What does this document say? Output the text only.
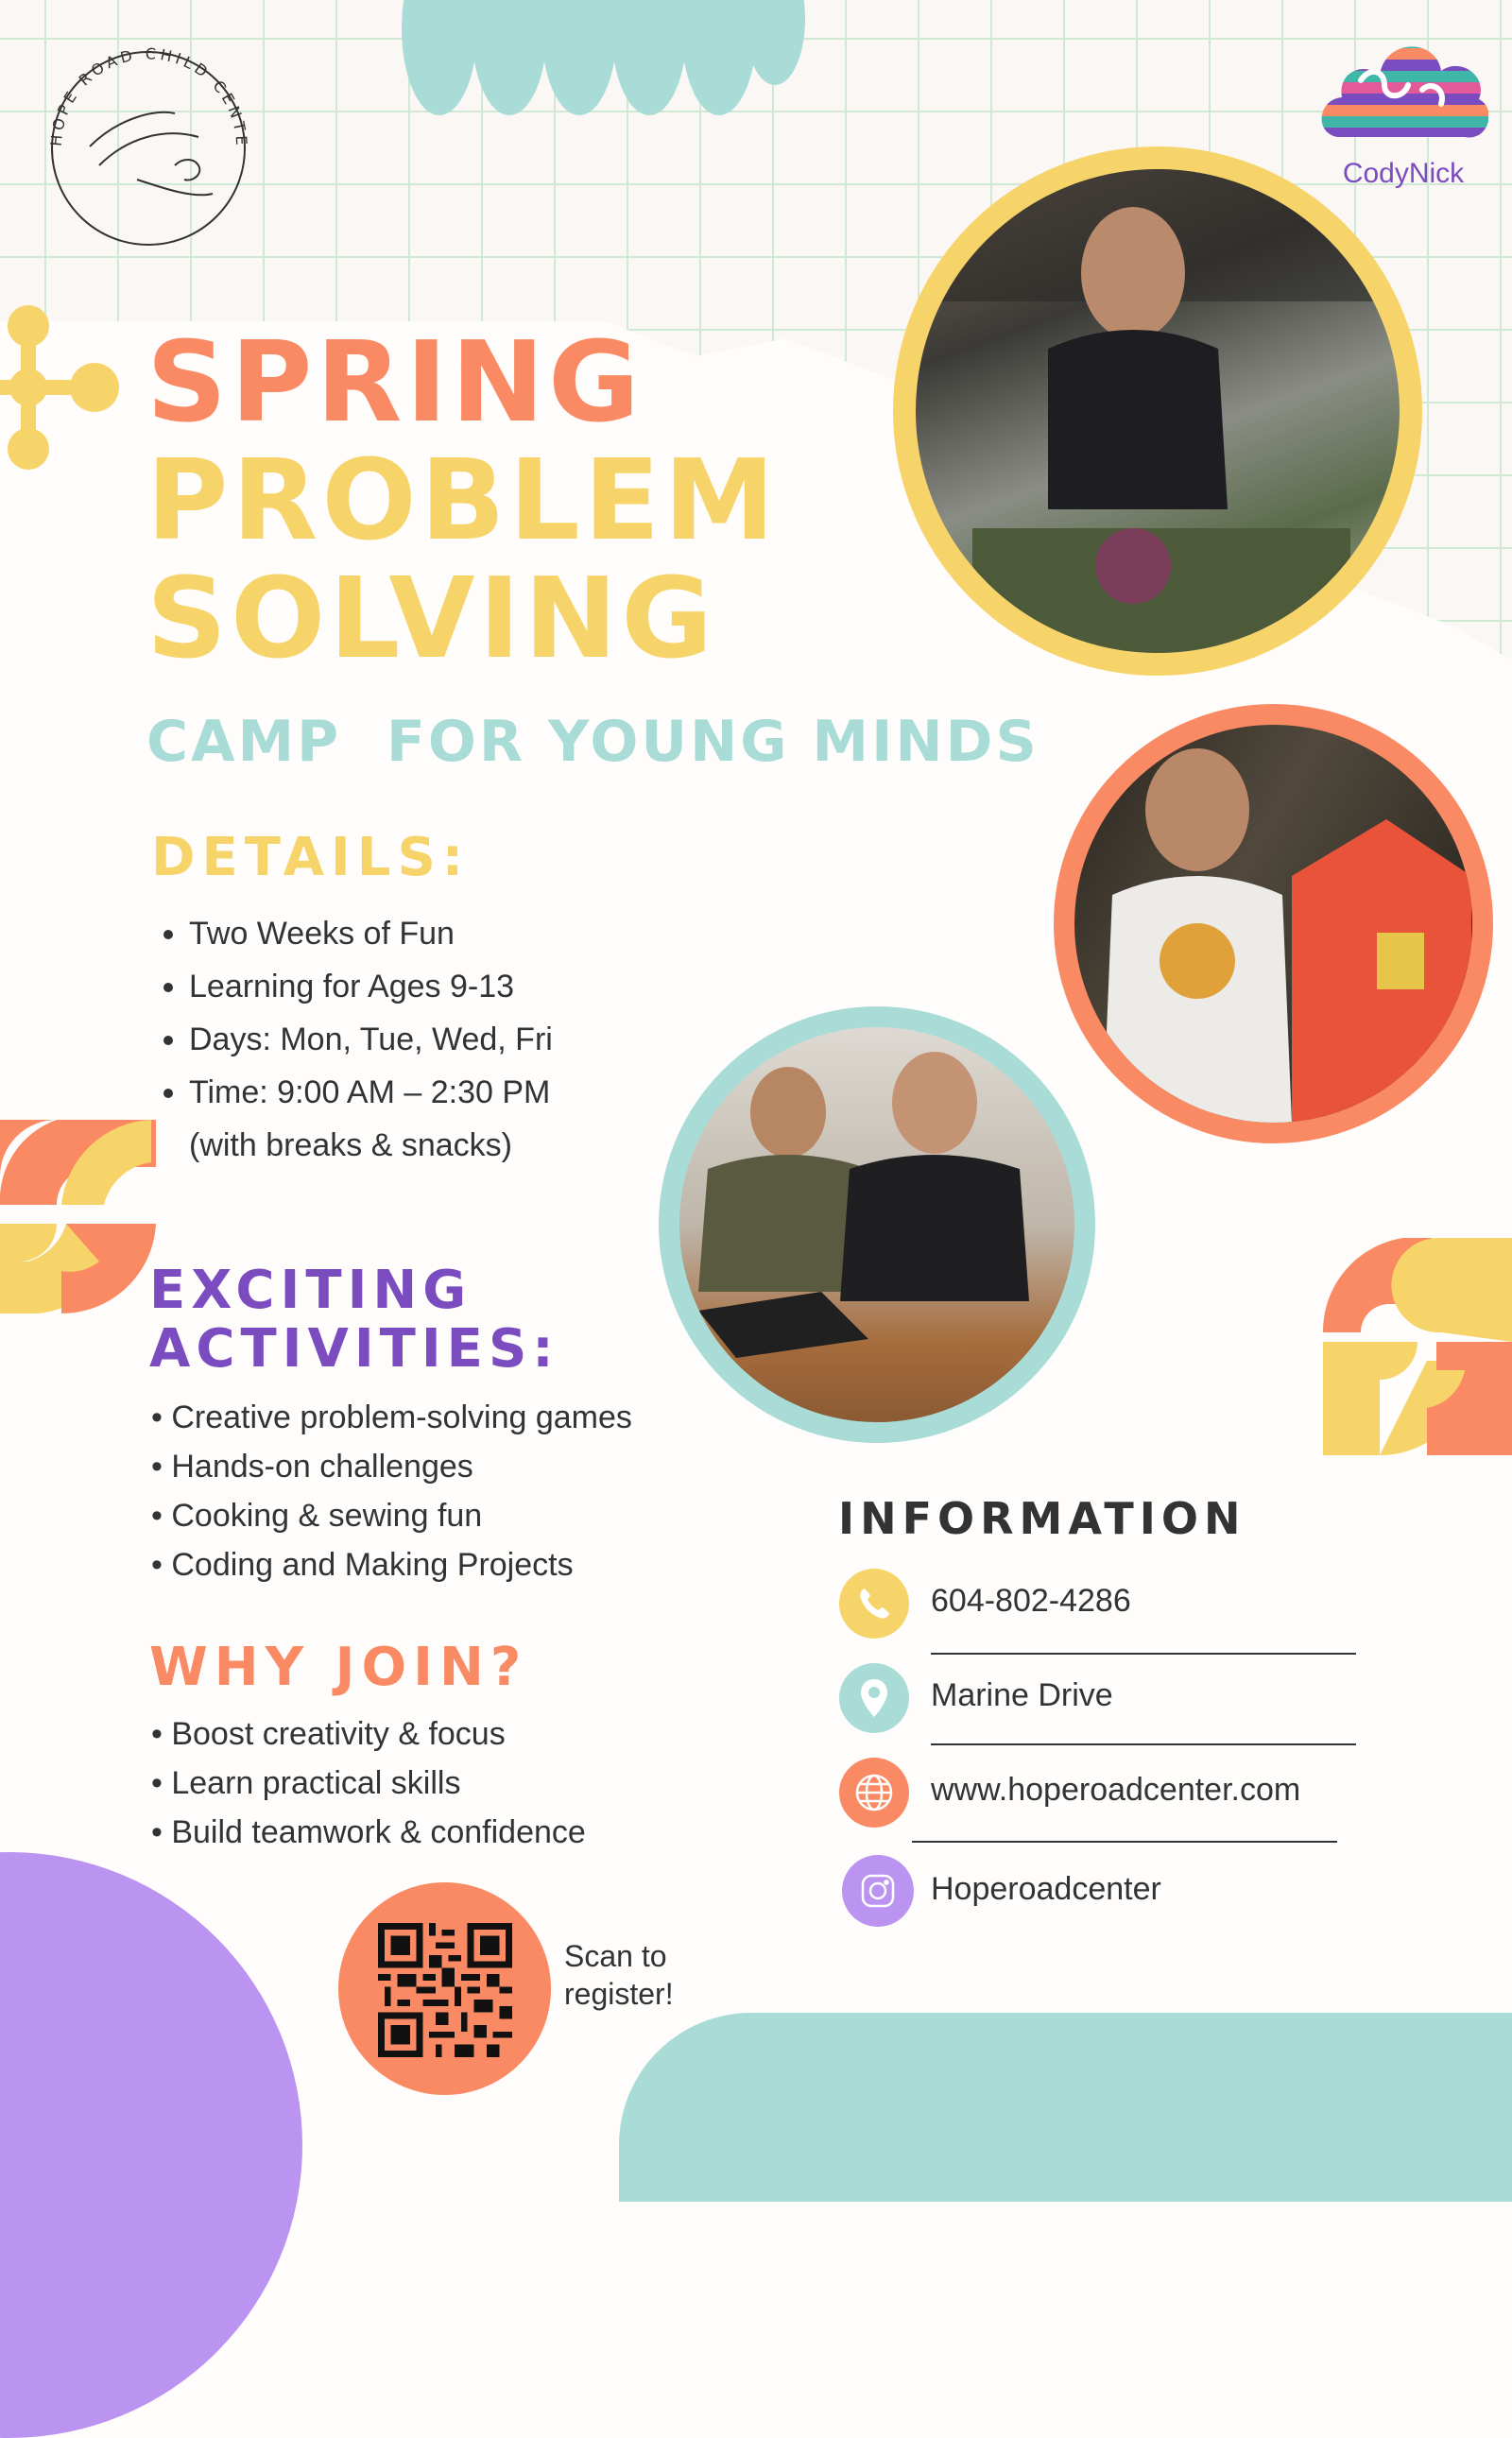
HOPE ROAD CHILD CENTE
CodyNick
SPRING
PROBLEM
SOLVING
CAMP  FOR YOUNG MINDS
DETAILS:
• Two Weeks of Fun
• Learning for Ages 9-13
• Days: Mon, Tue, Wed, Fri
• Time: 9:00 AM – 2:30 PM
(with breaks & snacks)
EXCITING
ACTIVITIES:
• Creative problem-solving games
• Hands-on challenges
• Cooking & sewing fun
• Coding and Making Projects
WHY JOIN?
• Boost creativity & focus
• Learn practical skills
• Build teamwork & confidence
INFORMATION
604-802-4286
Marine Drive
www.hoperoadcenter.com
Hoperoadcenter
Scan to
register!
